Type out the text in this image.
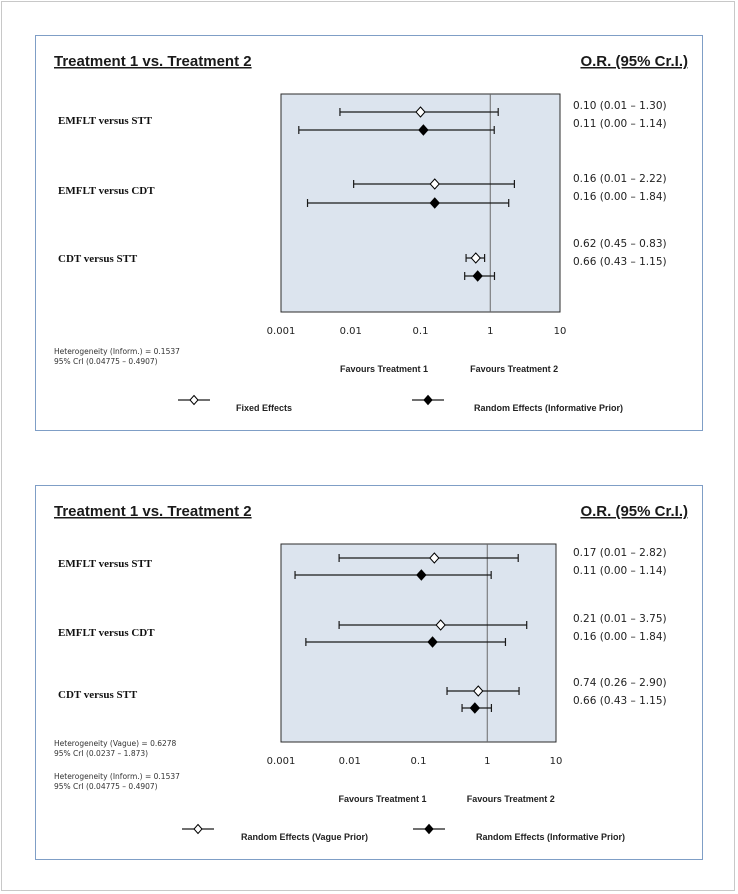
Treatment 1 vs. Treatment 2	O.R. (95% Cr.I.)
0.001	0.01	0.1	1	10
Favours Treatment 1	Favours Treatment 2
EMFLT versus STT
0.10 (0.01 – 1.30)
0.11 (0.00 – 1.14)
EMFLT versus CDT
0.16 (0.01 – 2.22)
0.16 (0.00 – 1.84)
CDT versus STT
0.62 (0.45 – 0.83)
0.66 (0.43 – 1.15)
Heterogeneity (Inform.) = 0.1537
95% CrI (0.04775 – 0.4907)
Fixed Effects	Random Effects (Informative Prior)
Treatment 1 vs. Treatment 2	O.R. (95% Cr.I.)
0.001	0.01	0.1	1	10
Favours Treatment 1	Favours Treatment 2
EMFLT versus STT
0.17 (0.01 – 2.82)
0.11 (0.00 – 1.14)
EMFLT versus CDT
0.21 (0.01 – 3.75)
0.16 (0.00 – 1.84)
CDT versus STT
0.74 (0.26 – 2.90)
0.66 (0.43 – 1.15)
Heterogeneity (Vague) = 0.6278
95% CrI (0.0237 – 1.873)
Heterogeneity (Inform.) = 0.1537
95% CrI (0.04775 – 0.4907)
Random Effects (Vague Prior)	Random Effects (Informative Prior)
